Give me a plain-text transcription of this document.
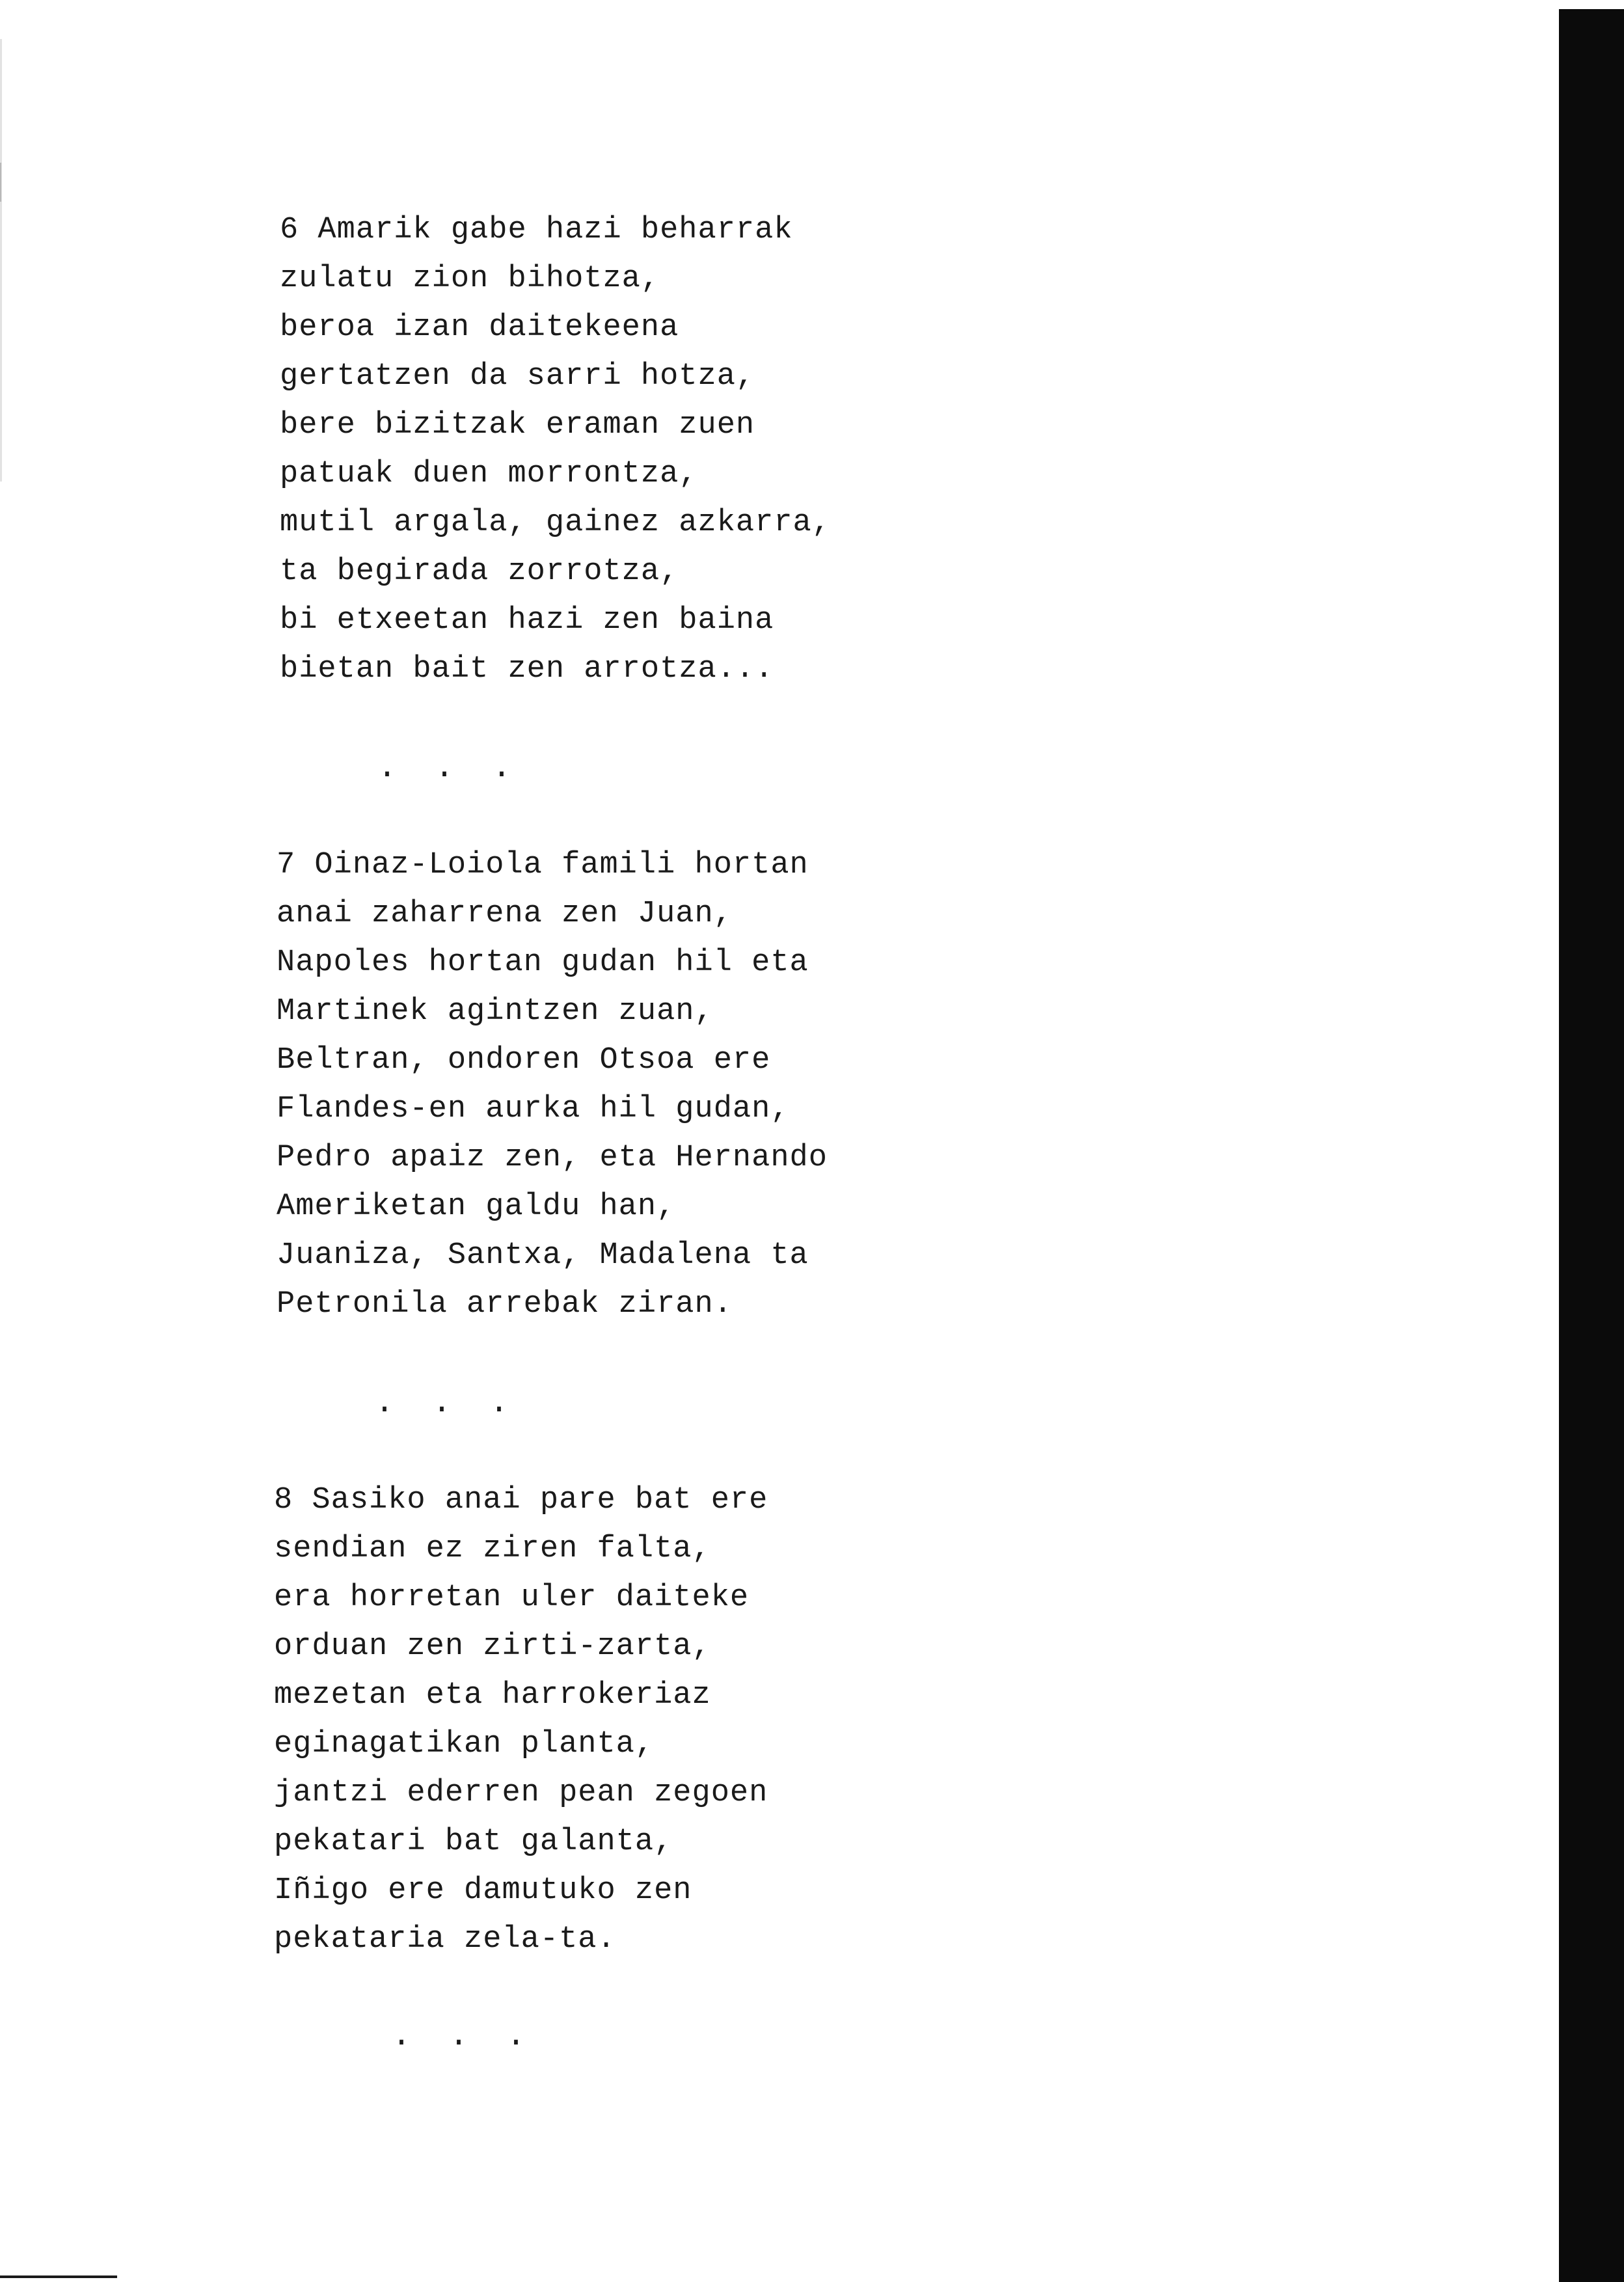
6 Amarik gabe hazi beharrak
zulatu zion bihotza,
beroa izan daitekeena
gertatzen da sarri hotza,
bere bizitzak eraman zuen
patuak duen morrontza,
mutil argala, gainez azkarra,
ta begirada zorrotza,
bi etxeetan hazi zen baina
bietan bait zen arrotza...
. . .
7 Oinaz-Loiola famili hortan
anai zaharrena zen Juan,
Napoles hortan gudan hil eta
Martinek agintzen zuan,
Beltran, ondoren Otsoa ere
Flandes-en aurka hil gudan,
Pedro apaiz zen, eta Hernando
Ameriketan galdu han,
Juaniza, Santxa, Madalena ta
Petronila arrebak ziran.
. . .
8 Sasiko anai pare bat ere
sendian ez ziren falta,
era horretan uler daiteke
orduan zen zirti-zarta,
mezetan eta harrokeriaz
eginagatikan planta,
jantzi ederren pean zegoen
pekatari bat galanta,
Iñigo ere damutuko zen
pekataria zela-ta.
. . .
